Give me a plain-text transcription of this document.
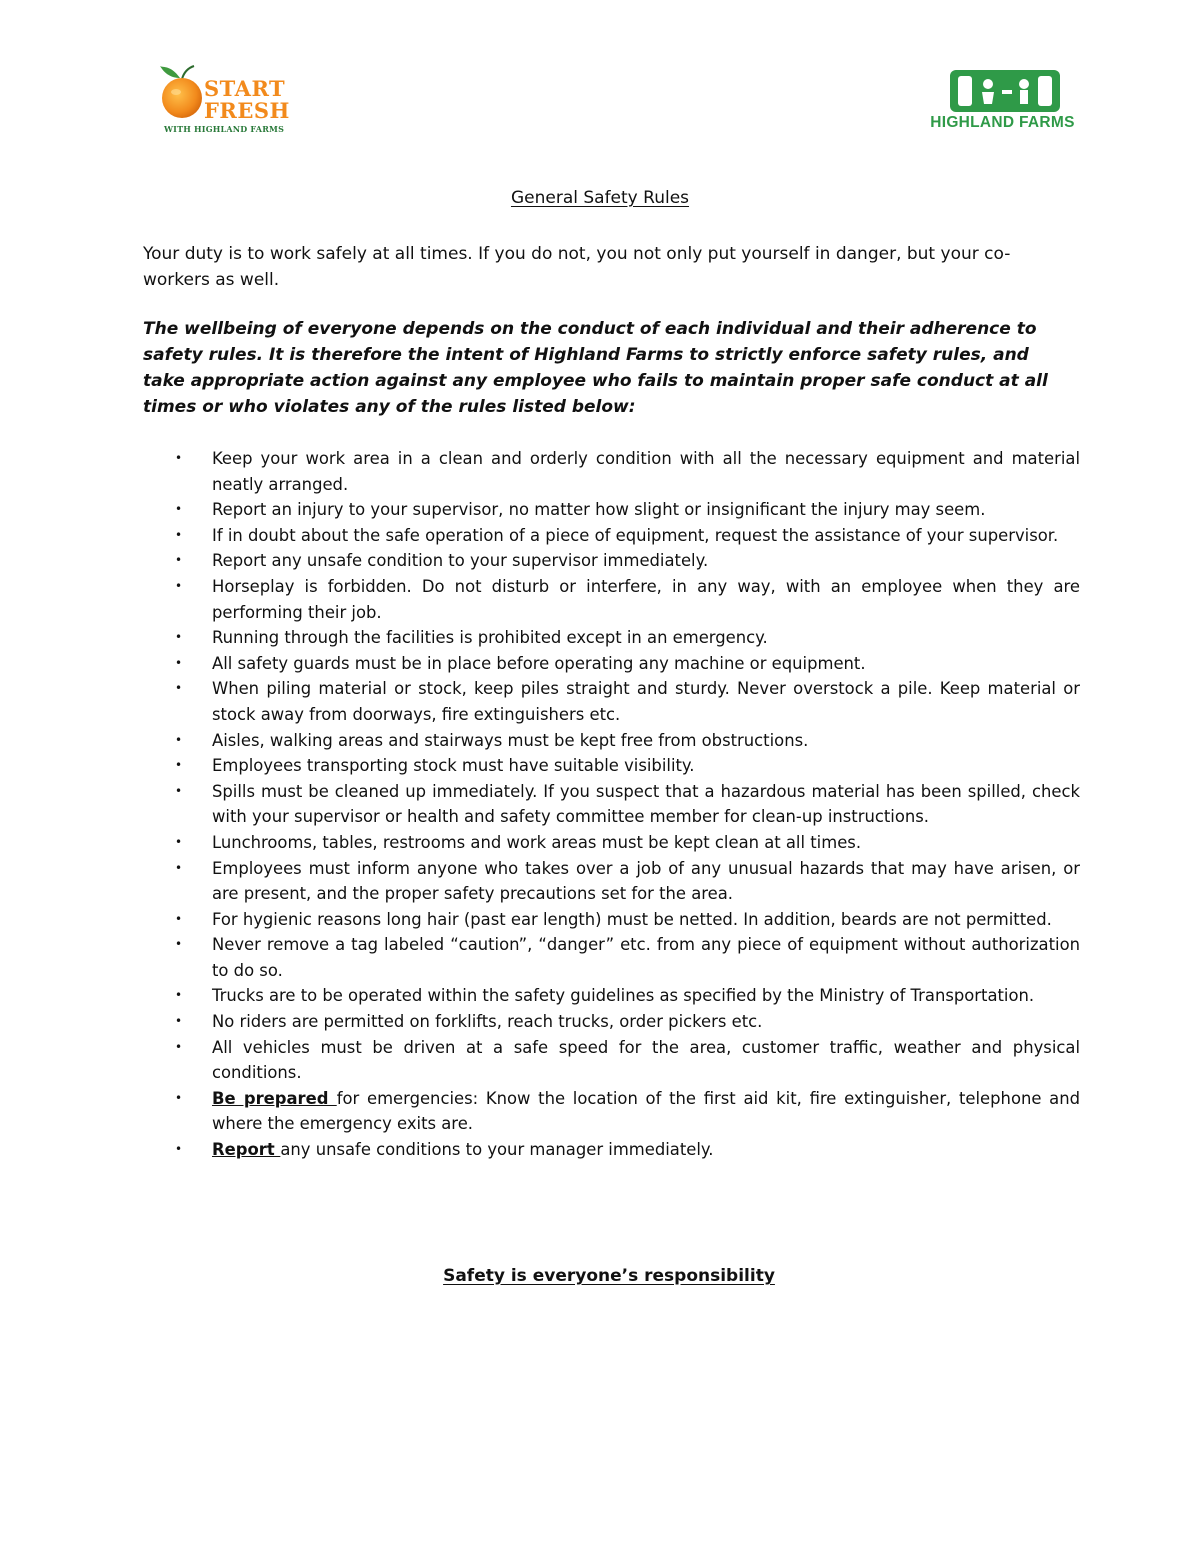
START
FRESH
WITH HIGHLAND FARMS	HIGHLAND FARMS
General Safety Rules
Your duty is to work safely at all times. If you do not, you not only put yourself in danger, but your co-workers as well.
The wellbeing of everyone depends on the conduct of each individual and their adherence to safety rules. It is therefore the intent of Highland Farms to strictly enforce safety rules, and take appropriate action against any employee who fails to maintain proper safe conduct at all times or who violates any of the rules listed below:
• Keep your work area in a clean and orderly condition with all the necessary equipment and material neatly arranged.
• Report an injury to your supervisor, no matter how slight or insignificant the injury may seem.
• If in doubt about the safe operation of a piece of equipment, request the assistance of your supervisor.
• Report any unsafe condition to your supervisor immediately.
• Horseplay is forbidden. Do not disturb or interfere, in any way, with an employee when they are performing their job.
• Running through the facilities is prohibited except in an emergency.
• All safety guards must be in place before operating any machine or equipment.
• When piling material or stock, keep piles straight and sturdy. Never overstock a pile. Keep material or stock away from doorways, fire extinguishers etc.
• Aisles, walking areas and stairways must be kept free from obstructions.
• Employees transporting stock must have suitable visibility.
• Spills must be cleaned up immediately. If you suspect that a hazardous material has been spilled, check with your supervisor or health and safety committee member for clean-up instructions.
• Lunchrooms, tables, restrooms and work areas must be kept clean at all times.
• Employees must inform anyone who takes over a job of any unusual hazards that may have arisen, or are present, and the proper safety precautions set for the area.
• For hygienic reasons long hair (past ear length) must be netted. In addition, beards are not permitted.
• Never remove a tag labeled “caution”, “danger” etc. from any piece of equipment without authorization to do so.
• Trucks are to be operated within the safety guidelines as specified by the Ministry of Transportation.
• No riders are permitted on forklifts, reach trucks, order pickers etc.
• All vehicles must be driven at a safe speed for the area, customer traffic, weather and physical conditions.
• Be prepared for emergencies: Know the location of the first aid kit, fire extinguisher, telephone and where the emergency exits are.
• Report any unsafe conditions to your manager immediately.
Safety is everyone’s responsibility
